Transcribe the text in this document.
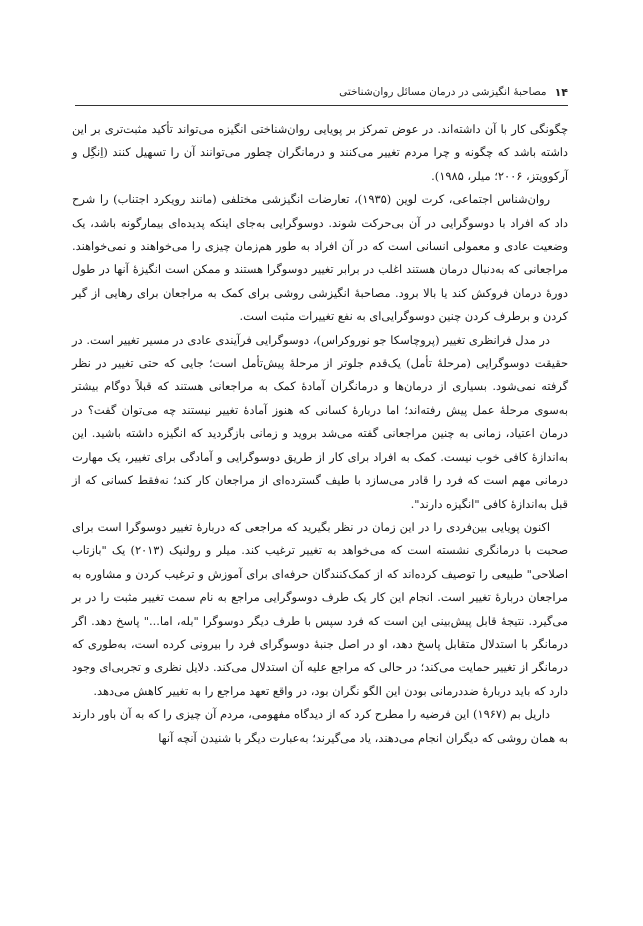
۱۴
مصاحبهٔ انگیزشی در درمان مسائل روان‌شناختی

چگونگی کار با آن داشته‌اند. در عوض تمرکز بر پویایی روان‌شناختی انگیزه می‌تواند تأکید مثبت‌تری بر این داشته باشد که چگونه و چرا مردم تغییر می‌کنند و درمانگران چطور می‌توانند آن را تسهیل کنند (اِنگِل و آرکوویتز، ۲۰۰۶؛ میلر، ۱۹۸۵).

روان‌شناس اجتماعی، کرت لوین (۱۹۳۵)، تعارضات انگیزشی مختلفی (مانند رویکرد اجتناب) را شرح داد که افراد با دوسوگرایی در آن بی‌حرکت شوند. دوسوگرایی به‌جای اینکه پدیده‌ای بیمارگونه باشد، یک وضعیت عادی و معمولی انسانی است که در آن افراد به طور هم‌زمان چیزی را می‌خواهند و نمی‌خواهند. مراجعانی که به‌دنبال درمان هستند اغلب در برابر تغییر دوسوگرا هستند و ممکن است انگیزهٔ آنها در طول دورهٔ درمان فروکش کند یا بالا برود. مصاحبهٔ انگیزشی روشی برای کمک به مراجعان برای رهایی از گیر کردن و برطرف کردن چنین دوسوگرایی‌ای به نفع تغییرات مثبت است.

در مدل فرانظری تغییر (پروچاسکا جو نوروکراس)، دوسوگرایی فرآیندی عادی در مسیر تغییر است. در حقیقت دوسوگرایی (مرحلهٔ تأمل) یک‌قدم جلوتر از مرحلهٔ پیش‌تأمل است؛ جایی که حتی تغییر در نظر گرفته نمی‌شود. بسیاری از درمان‌ها و درمانگران آمادهٔ کمک به مراجعانی هستند که قبلاً دوگام بیشتر به‌سوی مرحلهٔ عمل پیش رفته‌اند؛ اما دربارهٔ کسانی که هنوز آمادهٔ تغییر نیستند چه می‌توان گفت؟ در درمان اعتیاد، زمانی به چنین مراجعانی گفته می‌شد بروید و زمانی بازگردید که انگیزه داشته باشید. این به‌اندازهٔ کافی خوب نیست. کمک به افراد برای کار از طریق دوسوگرایی و آمادگی برای تغییر، یک مهارت درمانی مهم است که فرد را قادر می‌سازد با طیف گسترده‌ای از مراجعان کار کند؛ نه‌فقط کسانی که از قبل به‌اندازهٔ کافی "انگیزه دارند".

اکنون پویایی بین‌فردی را در این زمان در نظر بگیرید که مراجعی که دربارهٔ تغییر دوسوگرا است برای صحبت با درمانگری نشسته است که می‌خواهد به تغییر ترغیب کند. میلر و رولنیک (۲۰۱۳) یک "بازتاب اصلاحی" طبیعی را توصیف کرده‌اند که از کمک‌کنندگان حرفه‌ای برای آموزش و ترغیب کردن و مشاوره به مراجعان دربارهٔ تغییر است. انجام این کار یک طرف دوسوگرایی مراجع به نام سمت تغییر مثبت را در بر می‌گیرد. نتیجهٔ قابل پیش‌بینی این است که فرد سپس با طرف دیگر دوسوگرا "بله، اما..." پاسخ دهد. اگر درمانگر با استدلال متقابل پاسخ دهد، او در اصل جنبهٔ دوسوگرای فرد را بیرونی کرده است، به‌طوری که درمانگر از تغییر حمایت می‌کند؛ در حالی که مراجع علیه آن استدلال می‌کند. دلایل نظری و تجربی‌ای وجود دارد که باید دربارهٔ ضددرمانی بودن این الگو نگران بود، در واقع تعهد مراجع را به تغییر کاهش می‌دهد.

داریل بم (۱۹۶۷) این فرضیه را مطرح کرد که از دیدگاه مفهومی، مردم آن چیزی را که به آن باور دارند به همان روشی که دیگران انجام می‌دهند، یاد می‌گیرند؛ به‌عبارت دیگر با شنیدن آنچه آنها
